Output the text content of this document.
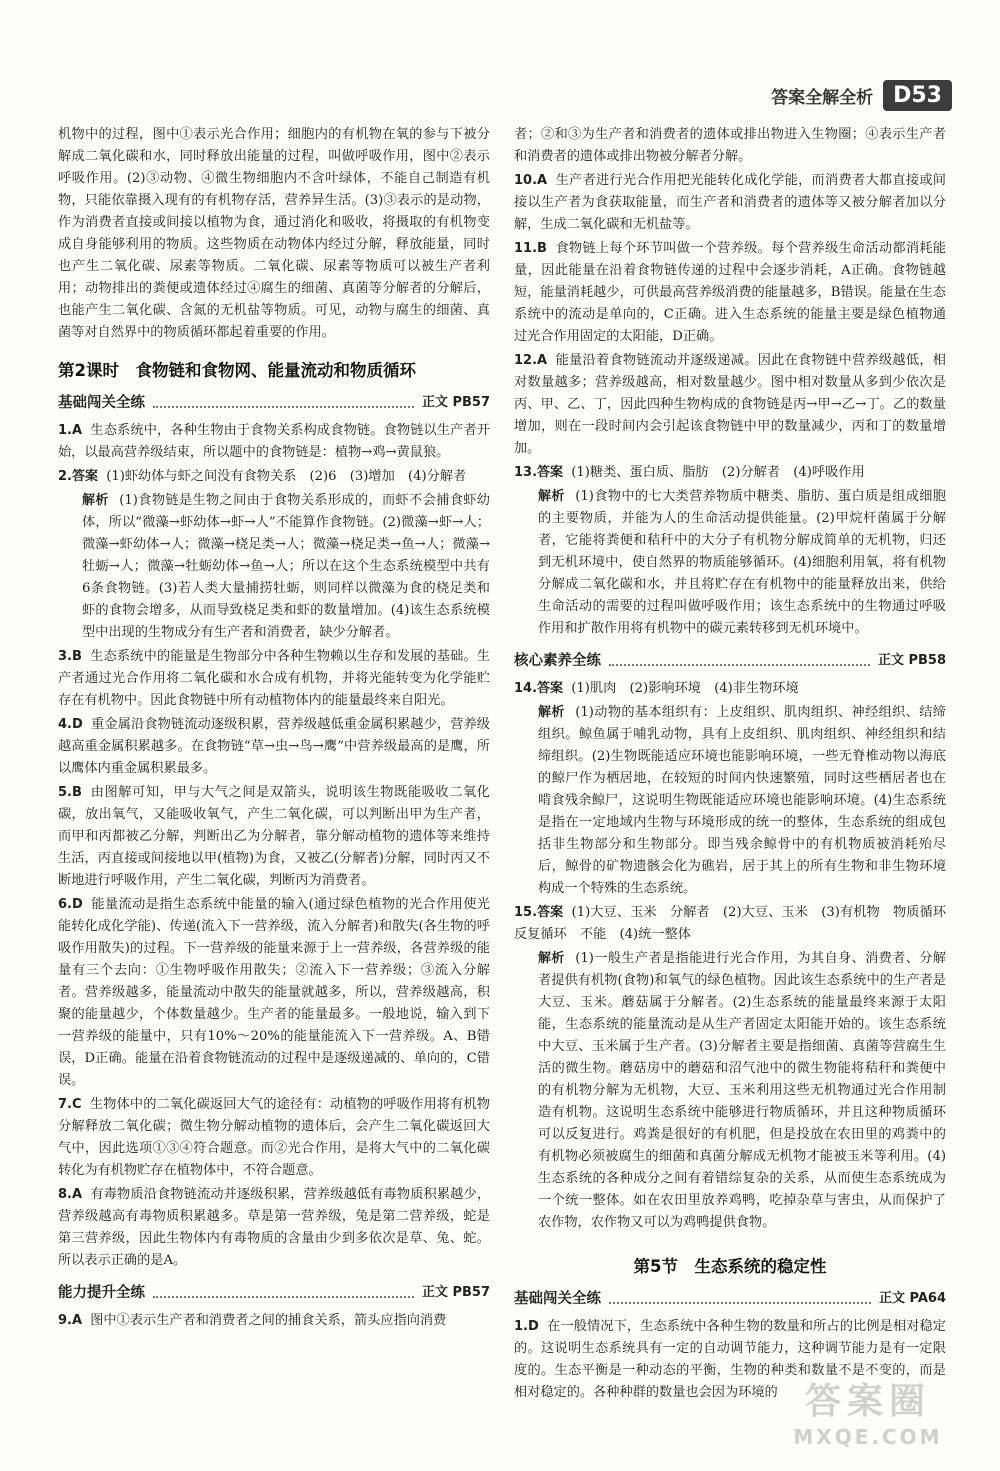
答案全解全析 D53

机物中的过程，图中①表示光合作用；细胞内的有机物在氧的参与下被分解成二氧化碳和水，同时释放出能量的过程，叫做呼吸作用，图中②表示呼吸作用。(2)③动物、④微生物细胞内不含叶绿体，不能自己制造有机物，只能依靠摄入现有的有机物存活，营养异生活。(3)③表示的是动物，作为消费者直接或间接以植物为食，通过消化和吸收，将摄取的有机物变成自身能够利用的物质。这些物质在动物体内经过分解，释放能量，同时也产生二氧化碳、尿素等物质。二氧化碳、尿素等物质可以被生产者利用；动物排出的粪便或遗体经过④腐生的细菌、真菌等分解者的分解后，也能产生二氧化碳、含氮的无机盐等物质。可见，动物与腐生的细菌、真菌等对自然界中的物质循环都起着重要的作用。

第2课时　食物链和食物网、能量流动和物质循环
基础闯关全练	正文 PB57

1.A 生态系统中，各种生物由于食物关系构成食物链。食物链以生产者开始，以最高营养级结束，所以题中的食物链是：植物→鸡→黄鼠狼。

2.答案 (1)虾幼体与虾之间没有食物关系　(2)6　(3)增加　(4)分解者

解析 (1)食物链是生物之间由于食物关系形成的，而虾不会捕食虾幼体，所以“微藻→虾幼体→虾→人”不能算作食物链。(2)微藻→虾→人；微藻→虾幼体→人；微藻→桡足类→人；微藻→桡足类→鱼→人；微藻→牡蛎→人；微藻→牡蛎幼体→鱼→人；所以在这个生态系统模型中共有6条食物链。(3)若人类大量捕捞牡蛎，则同样以微藻为食的桡足类和虾的食物会增多，从而导致桡足类和虾的数量增加。(4)该生态系统模型中出现的生物成分有生产者和消费者，缺少分解者。

3.B 生态系统中的能量是生物部分中各种生物赖以生存和发展的基础。生产者通过光合作用将二氧化碳和水合成有机物，并将光能转变为化学能贮存在有机物中。因此食物链中所有动植物体内的能量最终来自阳光。

4.D 重金属沿食物链流动逐级积累，营养级越低重金属积累越少，营养级越高重金属积累越多。在食物链“草→虫→鸟→鹰”中营养级最高的是鹰，所以鹰体内重金属积累最多。

5.B 由图解可知，甲与大气之间是双箭头，说明该生物既能吸收二氧化碳，放出氧气，又能吸收氧气，产生二氧化碳，可以判断出甲为生产者，而甲和丙都被乙分解，判断出乙为分解者，靠分解动植物的遗体等来维持生活，丙直接或间接地以甲(植物)为食，又被乙(分解者)分解，同时丙又不断地进行呼吸作用，产生二氧化碳，判断丙为消费者。

6.D 能量流动是指生态系统中能量的输入(通过绿色植物的光合作用使光能转化成化学能)、传递(流入下一营养级，流入分解者)和散失(各生物的呼吸作用散失)的过程。下一营养级的能量来源于上一营养级，各营养级的能量有三个去向：①生物呼吸作用散失；②流入下一营养级；③流入分解者。营养级越多，能量流动中散失的能量就越多，所以，营养级越高，积聚的能量越少，个体数量越少。生产者的能量最多。一般地说，输入到下一营养级的能量中，只有10%～20%的能量能流入下一营养级。A、B错误，D正确。能量在沿着食物链流动的过程中是逐级递减的、单向的，C错误。

7.C 生物体中的二氧化碳返回大气的途径有：动植物的呼吸作用将有机物分解释放二氧化碳；微生物分解动植物的遗体后，会产生二氧化碳返回大气中，因此选项①③④符合题意。而②光合作用，是将大气中的二氧化碳转化为有机物贮存在植物体中，不符合题意。

8.A 有毒物质沿食物链流动并逐级积累，营养级越低有毒物质积累越少，营养级越高有毒物质积累越多。草是第一营养级，兔是第二营养级，蛇是第三营养级，因此生物体内有毒物质的含量由少到多依次是草、兔、蛇。所以表示正确的是A。

能力提升全练	正文 PB57

9.A 图中①表示生产者和消费者之间的捕食关系，箭头应指向消费

者；②和③为生产者和消费者的遗体或排出物进入生物圈；④表示生产者和消费者的遗体或排出物被分解者分解。

10.A 生产者进行光合作用把光能转化成化学能，而消费者大都直接或间接以生产者为食获取能量，而生产者和消费者的遗体等又被分解者加以分解，生成二氧化碳和无机盐等。

11.B 食物链上每个环节叫做一个营养级。每个营养级生命活动都消耗能量，因此能量在沿着食物链传递的过程中会逐步消耗，A正确。食物链越短，能量消耗越少，可供最高营养级消费的能量越多，B错误。能量在生态系统中的流动是单向的，C正确。进入生态系统的能量主要是绿色植物通过光合作用固定的太阳能，D正确。

12.A 能量沿着食物链流动并逐级递减。因此在食物链中营养级越低，相对数量越多；营养级越高，相对数量越少。图中相对数量从多到少依次是丙、甲、乙、丁，因此四种生物构成的食物链是丙→甲→乙→丁。乙的数量增加，则在一段时间内会引起该食物链中甲的数量减少，丙和丁的数量增加。

13.答案 (1)糖类、蛋白质、脂肪　(2)分解者　(4)呼吸作用

解析 (1)食物中的七大类营养物质中糖类、脂肪、蛋白质是组成细胞的主要物质，并能为人的生命活动提供能量。(2)甲烷杆菌属于分解者，它能将粪便和秸秆中的大分子有机物分解成简单的无机物，归还到无机环境中，使自然界的物质能够循环。(4)细胞利用氧，将有机物分解成二氧化碳和水，并且将贮存在有机物中的能量释放出来，供给生命活动的需要的过程叫做呼吸作用；该生态系统中的生物通过呼吸作用和扩散作用将有机物中的碳元素转移到无机环境中。

核心素养全练	正文 PB58

14.答案 (1)肌肉　(2)影响环境　(4)非生物环境

解析 (1)动物的基本组织有：上皮组织、肌肉组织、神经组织、结缔组织。鲸鱼属于哺乳动物，具有上皮组织、肌肉组织、神经组织和结缔组织。(2)生物既能适应环境也能影响环境，一些无脊椎动物以海底的鲸尸作为栖居地，在较短的时间内快速繁殖，同时这些栖居者也在啃食残余鲸尸，这说明生物既能适应环境也能影响环境。(4)生态系统是指在一定地域内生物与环境形成的统一的整体，生态系统的组成包括非生物部分和生物部分。即当残余鲸骨中的有机物质被消耗殆尽后，鲸骨的矿物遗骸会化为礁岩，居于其上的所有生物和非生物环境构成一个特殊的生态系统。

15.答案 (1)大豆、玉米　分解者　(2)大豆、玉米　(3)有机物　物质循环　反复循环　不能　(4)统一整体

解析 (1)一般生产者是指能进行光合作用，为其自身、消费者、分解者提供有机物(食物)和氧气的绿色植物。因此该生态系统中的生产者是大豆、玉米。蘑菇属于分解者。(2)生态系统的能量最终来源于太阳能，生态系统的能量流动是从生产者固定太阳能开始的。该生态系统中大豆、玉米属于生产者。(3)分解者主要是指细菌、真菌等营腐生生活的微生物。蘑菇房中的蘑菇和沼气池中的微生物能将秸秆和粪便中的有机物分解为无机物，大豆、玉米利用这些无机物通过光合作用制造有机物。这说明生态系统中能够进行物质循环，并且这种物质循环可以反复进行。鸡粪是很好的有机肥，但是投放在农田里的鸡粪中的有机物必须被腐生的细菌和真菌分解成无机物才能被玉米等利用。(4)生态系统的各种成分之间有着错综复杂的关系，从而使生态系统成为一个统一整体。如在农田里放养鸡鸭，吃掉杂草与害虫，从而保护了农作物，农作物又可以为鸡鸭提供食物。

第5节　生态系统的稳定性
基础闯关全练	正文 PA64

1.D 在一般情况下，生态系统中各种生物的数量和所占的比例是相对稳定的。这说明生态系统具有一定的自动调节能力，这种调节能力是有一定限度的。生态平衡是一种动态的平衡，生物的种类和数量不是不变的，而是相对稳定的。各种种群的数量也会因为环境的 答案圈
MXQE.COM
